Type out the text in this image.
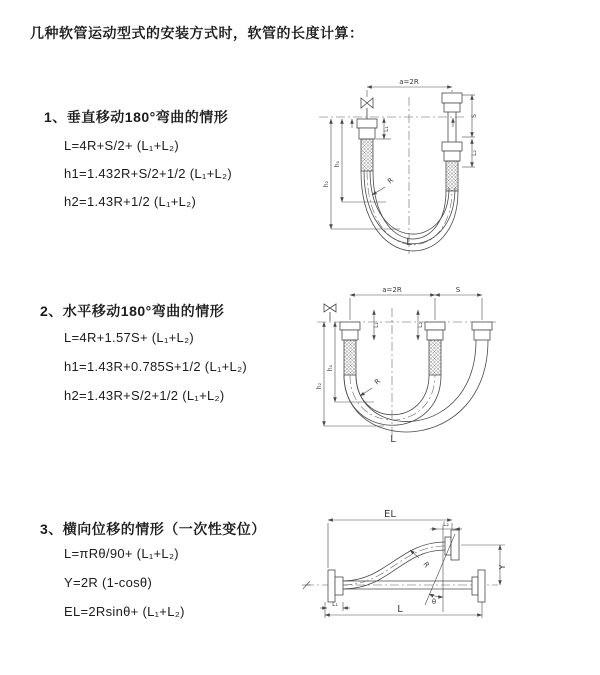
几种软管运动型式的安装方式时，软管的长度计算：
1、垂直移动180°弯曲的情形
L=4R+S/2+ (L₁+L₂)
h1=1.432R+S/2+1/2 (L₁+L₂)
h2=1.43R+1/2 (L₁+L₂)
2、水平移动180°弯曲的情形
L=4R+1.57S+ (L₁+L₂)
h1=1.43R+0.785S+1/2 (L₁+L₂)
h2=1.43R+S/2+1/2 (L₁+L₂)
3、横向位移的情形（一次性变位）
L=πRθ/90+ (L₁+L₂)
Y=2R (1-cosθ)
EL=2Rsinθ+ (L₁+L₂)
a=2R
h₁
h₂
L₁
S
L₂
R
L
a=2R	S
h₁
h₂
L₁	L₂
R
L
EL
L₂
θ
R	Y
L₁	L
